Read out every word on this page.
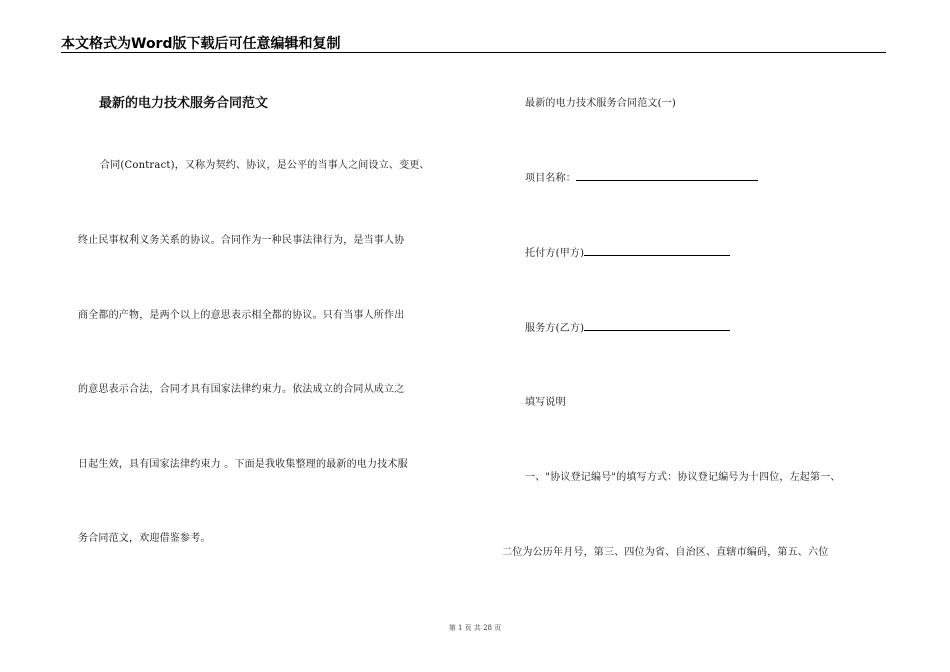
本文格式为Word版下载后可任意编辑和复制
最新的电力技术服务合同范文
合同(Contract)，又称为契约、协议，是公平的当事人之间设立、变更、
终止民事权利义务关系的协议。合同作为一种民事法律行为，是当事人协
商全都的产物，是两个以上的意思表示相全都的协议。只有当事人所作出
的意思表示合法，合同才具有国家法律约束力。依法成立的合同从成立之
日起生效，具有国家法律约束力 。下面是我收集整理的最新的电力技术服
务合同范文，欢迎借鉴参考。
最新的电力技术服务合同范文(一)
项目名称：
托付方(甲方)
服务方(乙方)
填写说明
一、"协议登记编号"的填写方式：协议登记编号为十四位，左起第一、
二位为公历年月号，第三、四位为省、自治区、直辖市编码，第五、六位
第 1 页 共 28 页
